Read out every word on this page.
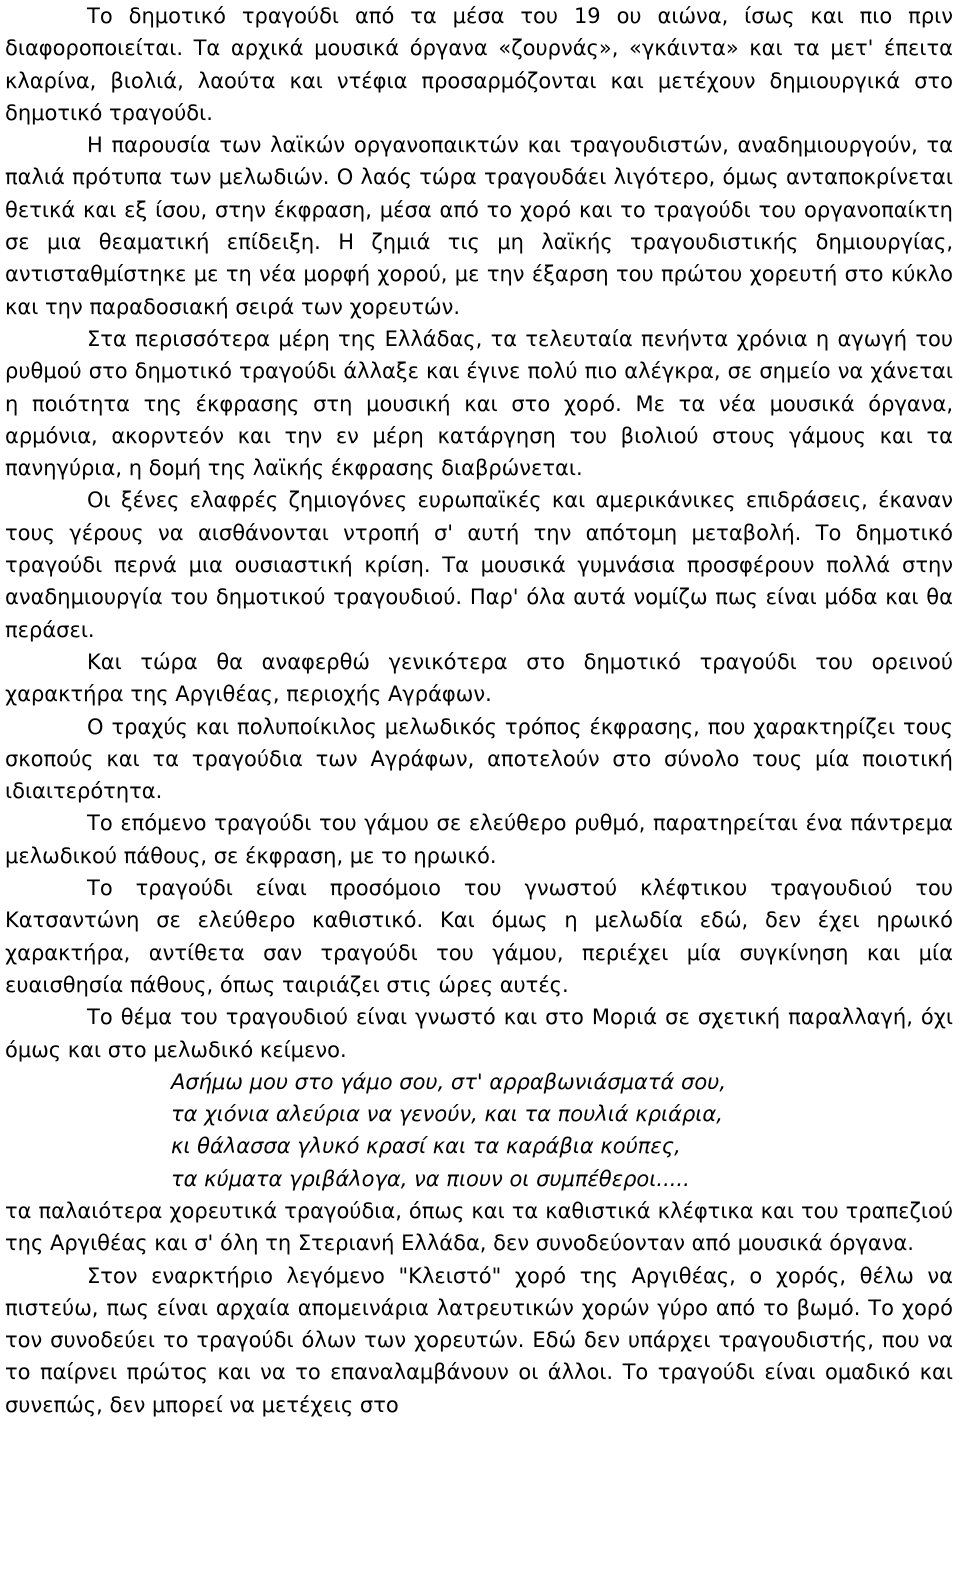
Το δημοτικό τραγούδι από τα μέσα του 19 ου αιώνα, ίσως και πιο πριν διαφοροποιείται. Τα αρχικά μουσικά όργανα «ζουρνάς», «γκάιντα» και τα μετ' έπειτα κλαρίνα, βιολιά, λαούτα και ντέφια προσαρμόζονται και μετέχουν δημιουργικά στο δημοτικό τραγούδι.

Η παρουσία των λαϊκών οργανοπαικτών και τραγουδιστών, αναδημιουργούν, τα παλιά πρότυπα των μελωδιών. Ο λαός τώρα τραγουδάει λιγότερο, όμως ανταποκρίνεται θετικά και εξ ίσου, στην έκφραση, μέσα από το χορό και το τραγούδι του οργανοπαίκτη σε μια θεαματική επίδειξη. Η ζημιά τις μη λαϊκής τραγουδιστικής δημιουργίας, αντισταθμίστηκε με τη νέα μορφή χορού, με την έξαρση του πρώτου χορευτή στο κύκλο και την παραδοσιακή σειρά των χορευτών.

Στα περισσότερα μέρη της Ελλάδας, τα τελευταία πενήντα χρόνια η αγωγή του ρυθμού στο δημοτικό τραγούδι άλλαξε και έγινε πολύ πιο αλέγκρα, σε σημείο να χάνεται η ποιότητα της έκφρασης στη μουσική και στο χορό. Με τα νέα μουσικά όργανα, αρμόνια, ακορντεόν και την εν μέρη κατάργηση του βιολιού στους γάμους και τα πανηγύρια, η δομή της λαϊκής έκφρασης διαβρώνεται.

Οι ξένες ελαφρές ζημιογόνες ευρωπαϊκές και αμερικάνικες επιδράσεις, έκαναν τους γέρους να αισθάνονται ντροπή σ' αυτή την απότομη μεταβολή. Το δημοτικό τραγούδι περνά μια ουσιαστική κρίση. Τα μουσικά γυμνάσια προσφέρουν πολλά στην αναδημιουργία του δημοτικού τραγουδιού. Παρ' όλα αυτά νομίζω πως είναι μόδα και θα περάσει.

Και τώρα θα αναφερθώ γενικότερα στο δημοτικό τραγούδι του ορεινού χαρακτήρα της Αργιθέας, περιοχής Αγράφων.

Ο τραχύς και πολυποίκιλος μελωδικός τρόπος έκφρασης, που χαρακτηρίζει τους σκοπούς και τα τραγούδια των Αγράφων, αποτελούν στο σύνολο τους μία ποιοτική ιδιαιτερότητα.

Το επόμενο τραγούδι του γάμου σε ελεύθερο ρυθμό, παρατηρείται ένα πάντρεμα μελωδικού πάθους, σε έκφραση, με το ηρωικό.

Το τραγούδι είναι προσόμοιο του γνωστού κλέφτικου τραγουδιού του Κατσαντώνη σε ελεύθερο καθιστικό. Και όμως η μελωδία εδώ, δεν έχει ηρωικό χαρακτήρα, αντίθετα σαν τραγούδι του γάμου, περιέχει μία συγκίνηση και μία ευαισθησία πάθους, όπως ταιριάζει στις ώρες αυτές.

Το θέμα του τραγουδιού είναι γνωστό και στο Μοριά σε σχετική παραλλαγή, όχι όμως και στο μελωδικό κείμενο.

Ασήμω μου στο γάμο σου, στ' αρραβωνιάσματά σου,
τα χιόνια αλεύρια να γενούν, και τα πουλιά κριάρια,
κι θάλασσα γλυκό κρασί και τα καράβια κούπες,
τα κύματα γριβάλογα, να πιουν οι συμπέθεροι.....

τα παλαιότερα χορευτικά τραγούδια, όπως και τα καθιστικά κλέφτικα και του τραπεζιού της Αργιθέας και σ' όλη τη Στεριανή Ελλάδα, δεν συνοδεύονταν από μουσικά όργανα.

Στον εναρκτήριο λεγόμενο "Κλειστό" χορό της Αργιθέας, ο χορός, θέλω να πιστεύω, πως είναι αρχαία απομεινάρια λατρευτικών χορών γύρο από το βωμό. Το χορό τον συνοδεύει το τραγούδι όλων των χορευτών. Εδώ δεν υπάρχει τραγουδιστής, που να το παίρνει πρώτος και να το επαναλαμβάνουν οι άλλοι. Το τραγούδι είναι ομαδικό και συνεπώς, δεν μπορεί να μετέχεις στο
